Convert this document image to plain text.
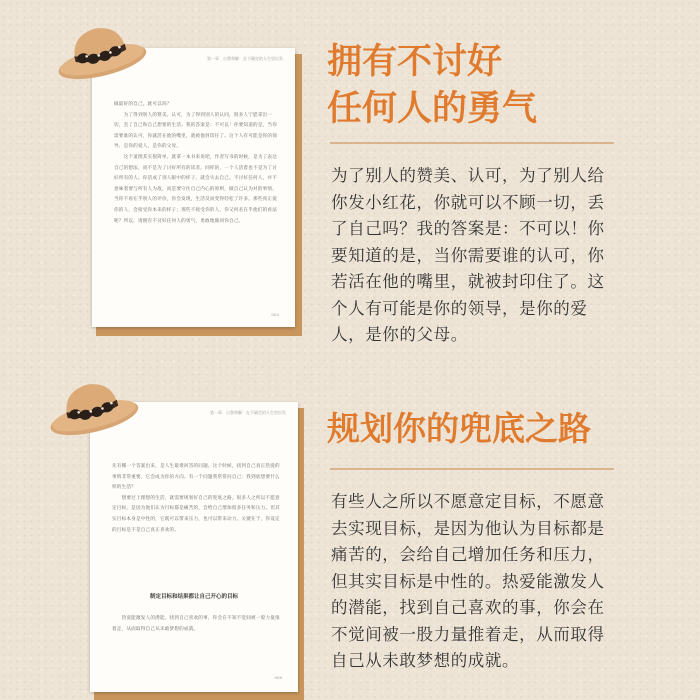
第一章　自我和解：在不确定的人生里出发
做最好的自己，就可以吗？
　　为了得到别人的赞美、认可，为了得到别人的认同，很多人宁愿拿出一切，丢了自己和自己想要的生活。我的答案是：不可以！你要知道的是，当你需要谁的认可，你就活在他的嘴里，就被他封印住了。这个人有可能是你的领导、是你的爱人，是你的父母。
　　这个道理其实很简单，就拿一本书来说吧，作者写书的时候，是为了表达自己的想法，而不是为了讨好所有的读者。同样的，一个人活着也不是为了讨好所有的人。你活成了别人眼中的样子，就会失去自己。不讨好任何人，并不意味着要与所有人为敌，而是要守住自己内心的原则，做自己认为对的事情。当你不再在乎别人的评价，你会发现，生活反而变得轻松了许多。那些真正爱你的人，会接受你本来的样子；那些不接受你的人，你又何必在乎他们的看法呢？所以，请拥有不讨好任何人的勇气，勇敢地做回你自己。
003
拥有不讨好
任何人的勇气
为了别人的赞美、认可，为了别人给你发小红花，你就可以不顾一切，丢了自己吗？我的答案是：不可以！你要知道的是，当你需要谁的认可，你若活在他的嘴里，就被封印住了。这个人有可能是你的领导，是你的爱人，是你的父母。
第一章　自我和解：在不确定的人生里出发
先有哪一个答案出来，是人生最难回答的问题。这个时候，找到自己真正热爱的事情非常重要，它会成为你的方向。有一个问题我常常问自己：我到底想要什么样的生活？
　　想要过上理想的生活，就需要规划好自己的兜底之路。很多人之所以不愿意定目标，是因为他们认为目标都是痛苦的，会给自己增加很多任务和压力。但其实目标本身是中性的，它既可以带来压力，也可以带来动力。关键在于，你设定的目标是不是自己真正喜欢的。
制定目标和结果都让自己开心的目标
　　热爱能激发人的潜能。找到自己喜欢的事，你会在不知不觉间被一股力量推着走，从而取得自己从未敢梦想的成就。
008
规划你的兜底之路
有些人之所以不愿意定目标，不愿意去实现目标，是因为他认为目标都是痛苦的，会给自己增加任务和压力，但其实目标是中性的。热爱能激发人的潜能，找到自己喜欢的事，你会在不觉间被一股力量推着走，从而取得自己从未敢梦想的成就。
